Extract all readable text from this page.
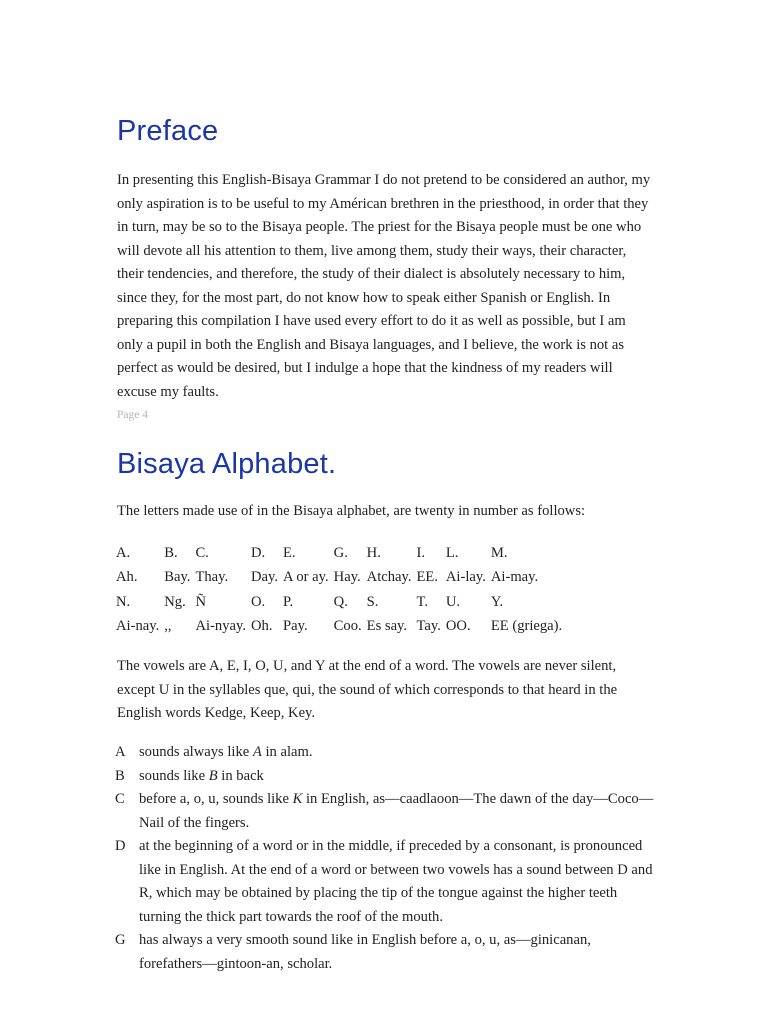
Preface

In presenting this English-Bisaya Grammar I do not pretend to be considered an author, my only aspiration is to be useful to my Américan brethren in the priesthood, in order that they in turn, may be so to the Bisaya people. The priest for the Bisaya people must be one who will devote all his attention to them, live among them, study their ways, their character, their tendencies, and therefore, the study of their dialect is absolutely necessary to him, since they, for the most part, do not know how to speak either Spanish or English. In preparing this compilation I have used every effort to do it as well as possible, but I am only a pupil in both the English and Bisaya languages, and I believe, the work is not as perfect as would be desired, but I indulge a hope that the kindness of my readers will excuse my faults.

Page 4
Bisaya Alphabet.

The letters made use of in the Bisaya alphabet, are twenty in number as follows:

A.	B.	C.	D.	E.	G.	H.	I.	L.	M.
Ah.	Bay.	Thay.	Day.	A or ay.	Hay.	Atchay.	EE.	Ai-lay.	Ai-may.
N.	Ng.	Ñ	O.	P.	Q.	S.	T.	U.	Y.
Ai-nay.	,,	Ai-nyay.	Oh.	Pay.	Coo.	Es say.	Tay.	OO.	EE (griega).

The vowels are A, E, I, O, U, and Y at the end of a word. The vowels are never silent, except U in the syllables que, qui, the sound of which corresponds to that heard in the English words Kedge, Keep, Key.

A sounds always like A in alam.
B sounds like B in back
C before a, o, u, sounds like K in English, as—caadlaoon—The dawn of the day—Coco—Nail of the fingers.
D at the beginning of a word or in the middle, if preceded by a consonant, is pronounced like in English. At the end of a word or between two vowels has a sound between D and R, which may be obtained by placing the tip of the tongue against the higher teeth turning the thick part towards the roof of the mouth.
G has always a very smooth sound like in English before a, o, u, as—ginicanan, forefathers—gintoon-an, scholar.
